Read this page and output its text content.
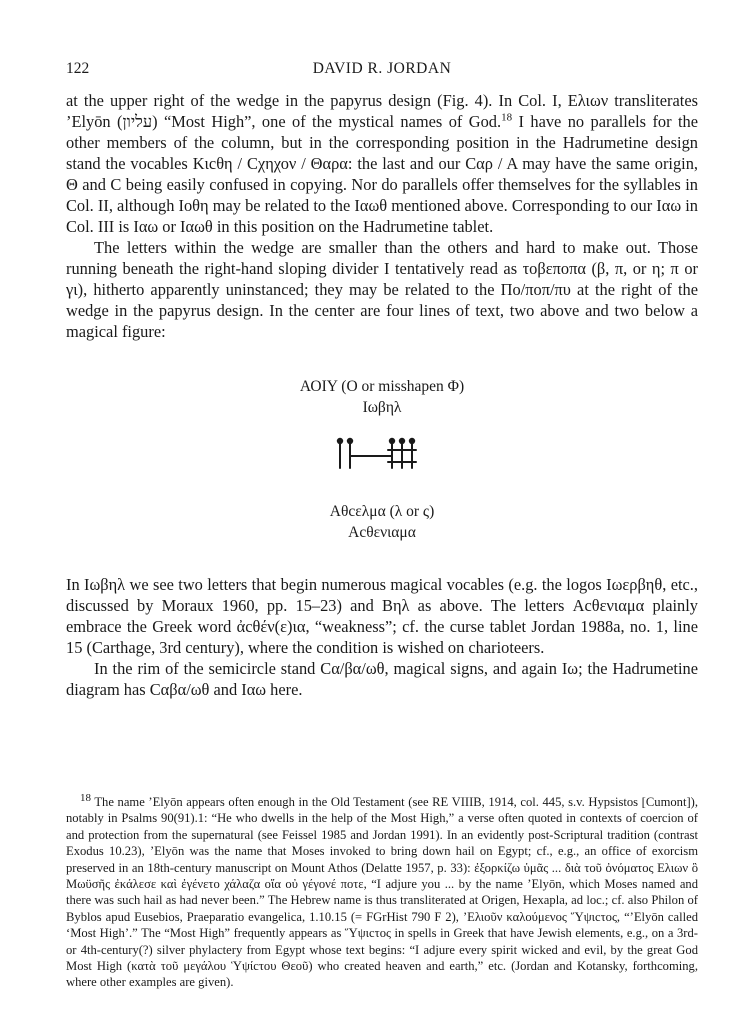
122	DAVID R. JORDAN

at the upper right of the wedge in the papyrus design (Fig. 4). In Col. I, Ελιων transliterates ’Elyōn (עליון) “Most High”, one of the mystical names of God.$^{18}$ I have no parallels for the other members of the column, but in the corresponding position in the Hadrumetine design stand the vocables Κιcθη / Cχηχον / Θαρα: the last and our Cαρ / Α may have the same origin, Θ and C being easily confused in copying. Nor do parallels offer themselves for the syllables in Col. II, although Ιοθη may be related to the Ιαωθ mentioned above. Corresponding to our Ιαω in Col. III is Ιαω or Ιαωθ in this position on the Hadrumetine tablet.

The letters within the wedge are smaller than the others and hard to make out. Those running beneath the right-hand sloping divider I tentatively read as τοβεποπα (β, π, or η; π or γι), hitherto apparently uninstanced; they may be related to the Πο/ποπ/πυ at the right of the wedge in the papyrus design. In the center are four lines of text, two above and two below a magical figure:

ΑΟΙΥ (Ο or misshapen Φ)
Ιωβηλ
Αθcελμα (λ or ς)
Αcθενιαμα

In Ιωβηλ we see two letters that begin numerous magical vocables (e.g. the logos Ιωερβηθ, etc., discussed by Moraux 1960, pp. 15–23) and Βηλ as above. The letters Αcθενιαμα plainly embrace the Greek word ἀcθέν(ε)ια, “weakness”; cf. the curse tablet Jordan 1988a, no. 1, line 15 (Carthage, 3rd century), where the condition is wished on charioteers.

In the rim of the semicircle stand Cα/βα/ωθ, magical signs, and again Ιω; the Hadrumetine diagram has Cαβα/ωθ and Ιαω here.

18 The name ’Elyōn appears often enough in the Old Testament (see RE VIIIB, 1914, col. 445, s.v. Hypsistos [Cumont]), notably in Psalms 90(91).1: “He who dwells in the help of the Most High,” a verse often quoted in contexts of coercion of and protection from the supernatural (see Feissel 1985 and Jordan 1991). In an evidently post-Scriptural tradition (contrast Exodus 10.23), ’Elyōn was the name that Moses invoked to bring down hail on Egypt; cf., e.g., an office of exorcism preserved in an 18th-century manuscript on Mount Athos (Delatte 1957, p. 33): ἐξορκίζω ὑμᾶς ... διὰ τοῦ ὀνόματος Ελιων ὃ Μωϋσῆς ἐκάλεσε καὶ ἐγένετο χάλαζα οἵα οὐ γέγονέ ποτε, “I adjure you ... by the name ’Elyōn, which Moses named and there was such hail as had never been.” The Hebrew name is thus transliterated at Origen, Hexapla, ad loc.; cf. also Philon of Byblos apud Eusebios, Praeparatio evangelica, 1.10.15 (= FGrHist 790 F 2), ’Ελιοῦν καλούμενος Ὕψιcτος, “’Elyōn called ‘Most High’.” The “Most High” frequently appears as Ὕψιcτος in spells in Greek that have Jewish elements, e.g., on a 3rd- or 4th-century(?) silver phylactery from Egypt whose text begins: “I adjure every spirit wicked and evil, by the great God Most High (κατὰ τοῦ μεγάλου Ὑψίcτου Θεοῦ) who created heaven and earth,” etc. (Jordan and Kotansky, forthcoming, where other examples are given).
